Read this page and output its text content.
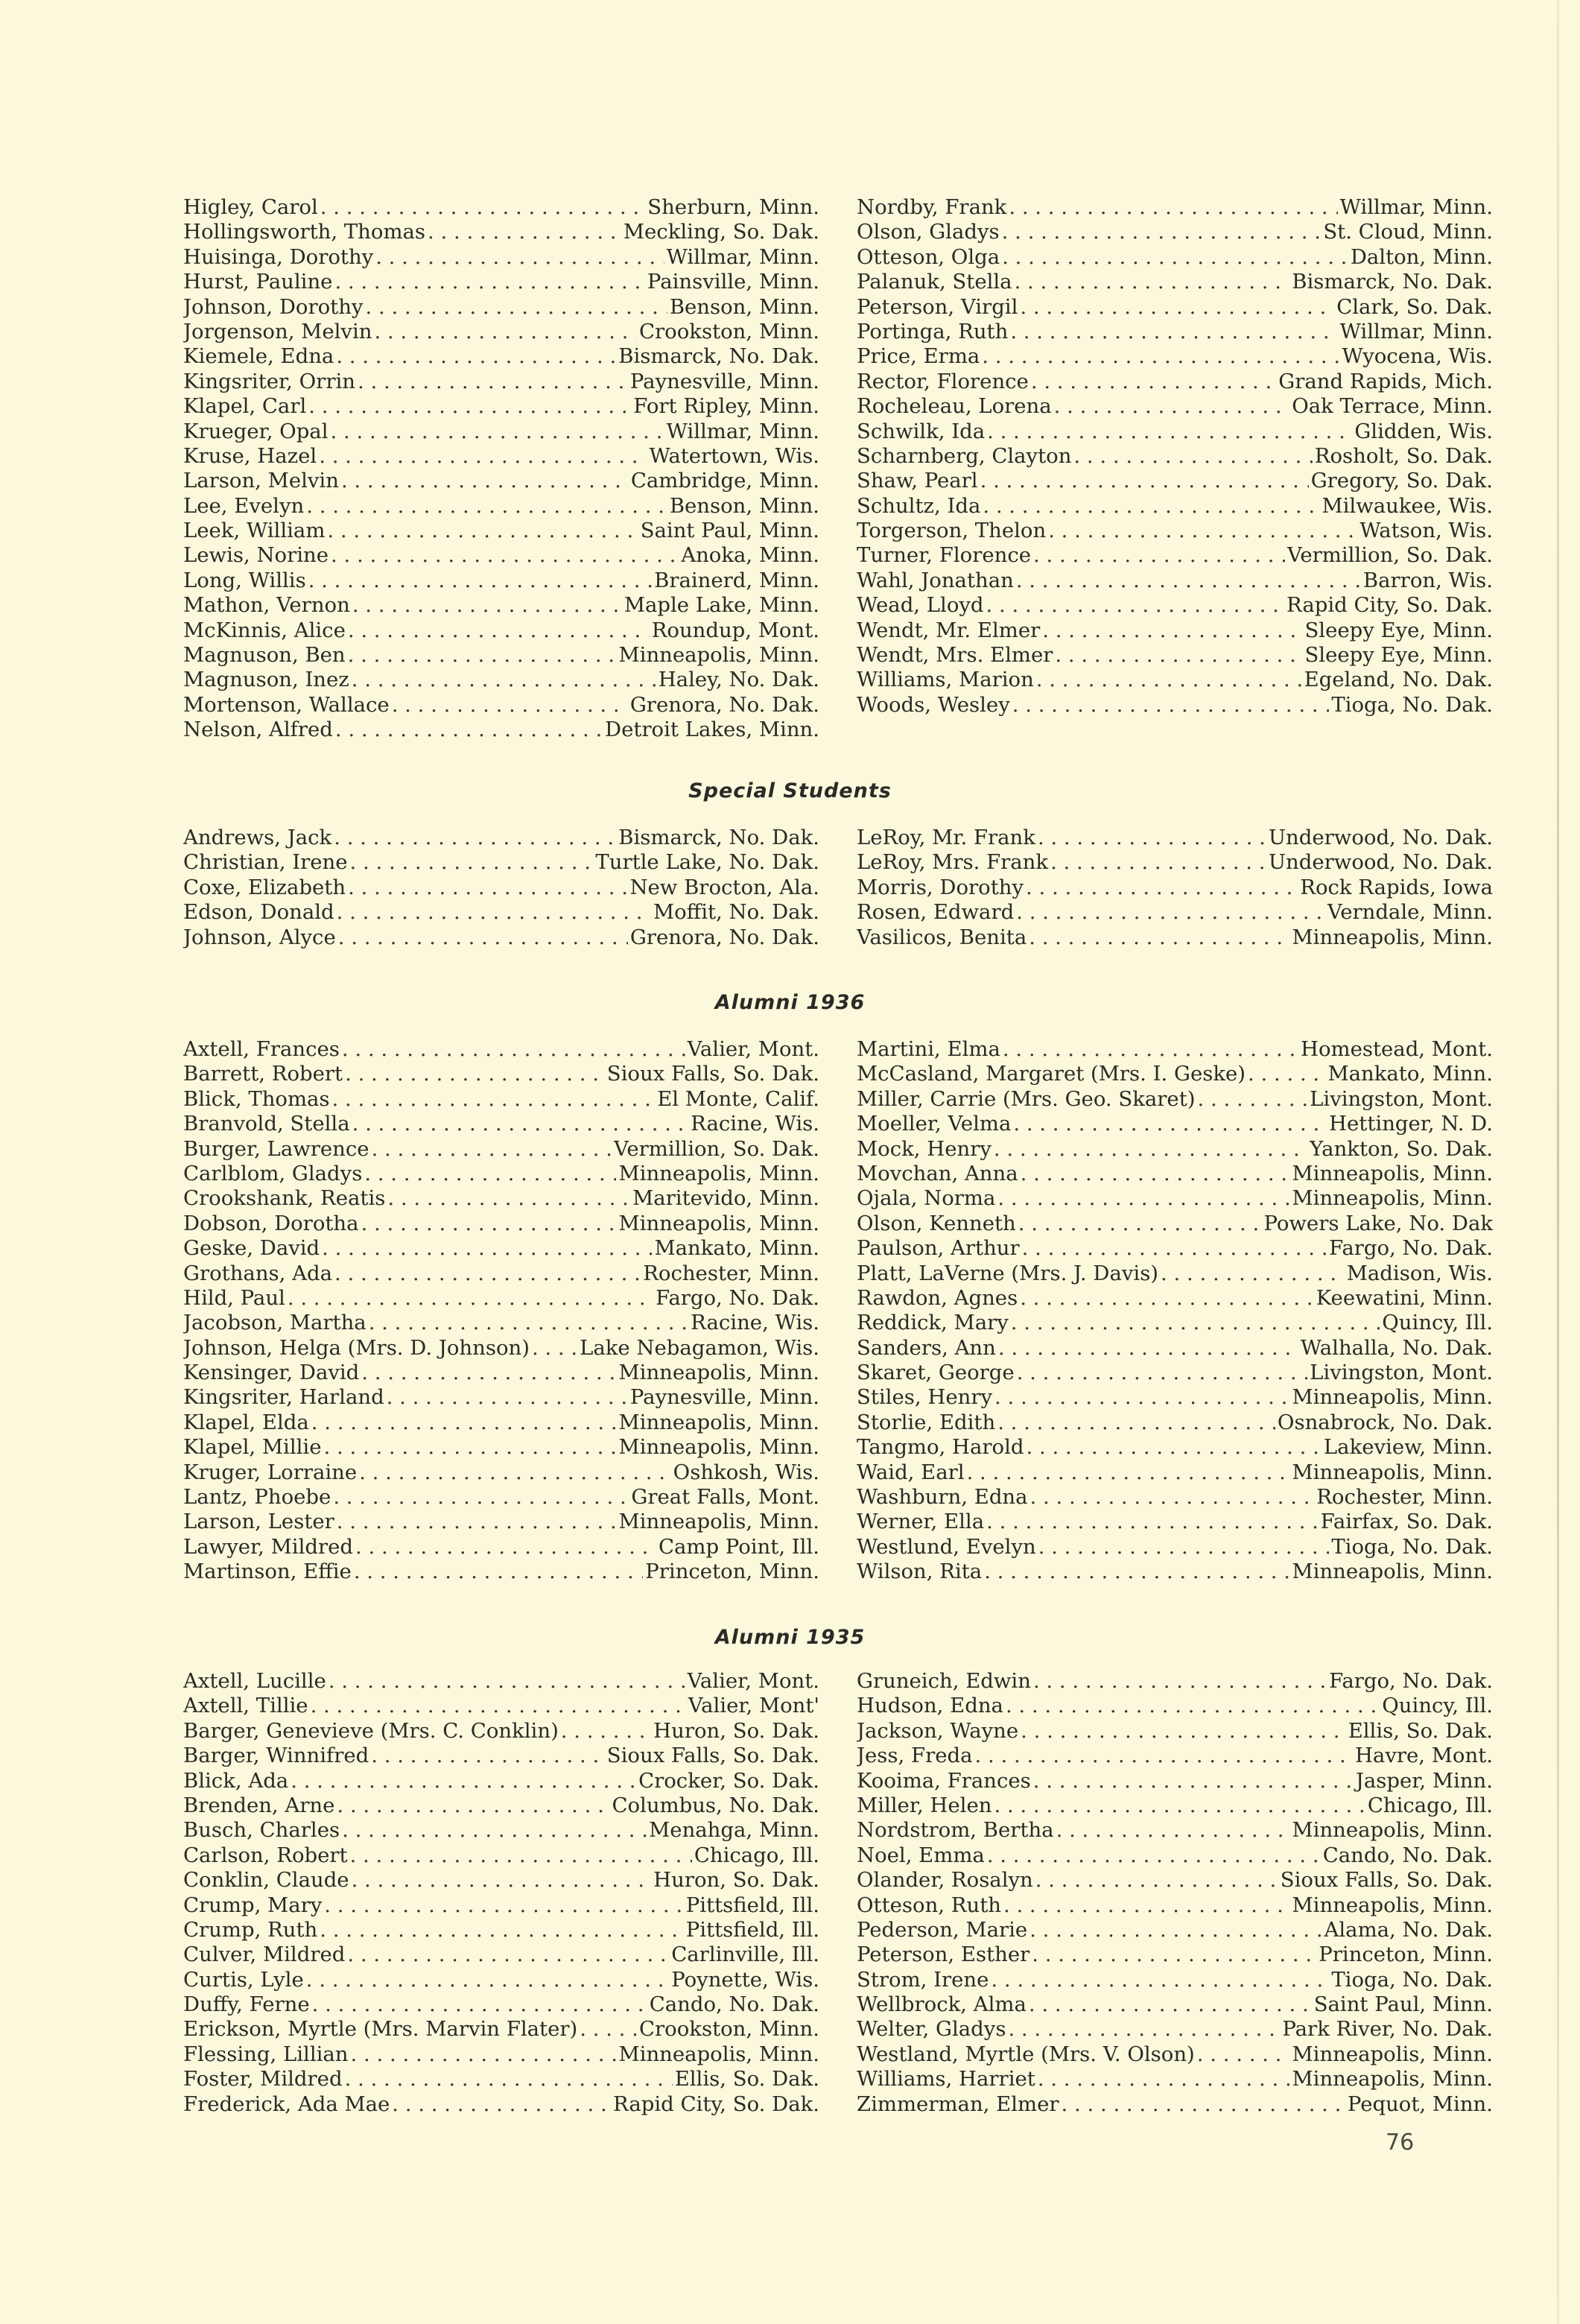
Higley, Carol . . .	Sherburn, Minn.
Hollingsworth, Thomas . . .	Meckling, So. Dak.
Huisinga, Dorothy . . .	Willmar, Minn.
Hurst, Pauline . . .	Painsville, Minn.
Johnson, Dorothy . . .	Benson, Minn.
Jorgenson, Melvin . . .	Crookston, Minn.
Kiemele, Edna . . .	Bismarck, No. Dak.
Kingsriter, Orrin . . .	Paynesville, Minn.
Klapel, Carl . . .	Fort Ripley, Minn.
Krueger, Opal . . .	Willmar, Minn.
Kruse, Hazel . . .	Watertown, Wis.
Larson, Melvin . . .	Cambridge, Minn.
Lee, Evelyn . . .	Benson, Minn.
Leek, William . . .	Saint Paul, Minn.
Lewis, Norine . . .	Anoka, Minn.
Long, Willis . . .	Brainerd, Minn.
Mathon, Vernon . . .	Maple Lake, Minn.
McKinnis, Alice . . .	Roundup, Mont.
Magnuson, Ben . . .	Minneapolis, Minn.
Magnuson, Inez . . .	Haley, No. Dak.
Mortenson, Wallace . . .	Grenora, No. Dak.
Nelson, Alfred . . .	Detroit Lakes, Minn.
Nordby, Frank . . .	Willmar, Minn.
Olson, Gladys . . .	St. Cloud, Minn.
Otteson, Olga . . .	Dalton, Minn.
Palanuk, Stella . . .	Bismarck, No. Dak.
Peterson, Virgil . . .	Clark, So. Dak.
Portinga, Ruth . . .	Willmar, Minn.
Price, Erma . . .	Wyocena, Wis.
Rector, Florence . . .	Grand Rapids, Mich.
Rocheleau, Lorena . . .	Oak Terrace, Minn.
Schwilk, Ida . . .	Glidden, Wis.
Scharnberg, Clayton . . .	Rosholt, So. Dak.
Shaw, Pearl . . .	Gregory, So. Dak.
Schultz, Ida . . .	Milwaukee, Wis.
Torgerson, Thelon . . .	Watson, Wis.
Turner, Florence . . .	Vermillion, So. Dak.
Wahl, Jonathan . . .	Barron, Wis.
Wead, Lloyd . . .	Rapid City, So. Dak.
Wendt, Mr. Elmer . . .	Sleepy Eye, Minn.
Wendt, Mrs. Elmer . . .	Sleepy Eye, Minn.
Williams, Marion . . .	Egeland, No. Dak.
Woods, Wesley . . .	Tioga, No. Dak.
Special Students
Andrews, Jack . . .	Bismarck, No. Dak.
Christian, Irene . . .	Turtle Lake, No. Dak.
Coxe, Elizabeth . . .	New Brocton, Ala.
Edson, Donald . . .	Moffit, No. Dak.
Johnson, Alyce . . .	Grenora, No. Dak.
LeRoy, Mr. Frank . . .	Underwood, No. Dak.
LeRoy, Mrs. Frank . . .	Underwood, No. Dak.
Morris, Dorothy . . .	Rock Rapids, Iowa
Rosen, Edward . . .	Verndale, Minn.
Vasilicos, Benita . . .	Minneapolis, Minn.
Alumni 1936
Axtell, Frances . . .	Valier, Mont.
Barrett, Robert . . .	Sioux Falls, So. Dak.
Blick, Thomas . . .	El Monte, Calif.
Branvold, Stella . . .	Racine, Wis.
Burger, Lawrence . . .	Vermillion, So. Dak.
Carlblom, Gladys . . .	Minneapolis, Minn.
Crookshank, Reatis . . .	Maritevido, Minn.
Dobson, Dorotha . . .	Minneapolis, Minn.
Geske, David . . .	Mankato, Minn.
Grothans, Ada . . .	Rochester, Minn.
Hild, Paul . . .	Fargo, No. Dak.
Jacobson, Martha . . .	Racine, Wis.
Johnson, Helga (Mrs. D. Johnson) . . . Lake Nebagamon, Wis.
Kensinger, David . . .	Minneapolis, Minn.
Kingsriter, Harland . . .	Paynesville, Minn.
Klapel, Elda . . .	Minneapolis, Minn.
Klapel, Millie . . .	Minneapolis, Minn.
Kruger, Lorraine . . .	Oshkosh, Wis.
Lantz, Phoebe . . .	Great Falls, Mont.
Larson, Lester . . .	Minneapolis, Minn.
Lawyer, Mildred . . .	Camp Point, Ill.
Martinson, Effie . . .	Princeton, Minn.
Martini, Elma . . .	Homestead, Mont.
McCasland, Margaret (Mrs. I. Geske) . . .	Mankato, Minn.
Miller, Carrie (Mrs. Geo. Skaret) . . .	Livingston, Mont.
Moeller, Velma . . .	Hettinger, N. D.
Mock, Henry . . .	Yankton, So. Dak.
Movchan, Anna . . .	Minneapolis, Minn.
Ojala, Norma . . .	Minneapolis, Minn.
Olson, Kenneth . . .	Powers Lake, No. Dak
Paulson, Arthur . . .	Fargo, No. Dak.
Platt, LaVerne (Mrs. J. Davis) . . .	Madison, Wis.
Rawdon, Agnes . . .	Keewatini, Minn.
Reddick, Mary . . .	Quincy, Ill.
Sanders, Ann . . .	Walhalla, No. Dak.
Skaret, George . . .	Livingston, Mont.
Stiles, Henry . . .	Minneapolis, Minn.
Storlie, Edith . . .	Osnabrock, No. Dak.
Tangmo, Harold . . .	Lakeview, Minn.
Waid, Earl . . .	Minneapolis, Minn.
Washburn, Edna . . .	Rochester, Minn.
Werner, Ella . . .	Fairfax, So. Dak.
Westlund, Evelyn . . .	Tioga, No. Dak.
Wilson, Rita . . .	Minneapolis, Minn.
Alumni 1935
Axtell, Lucille . . .	Valier, Mont.
Axtell, Tillie . . .	Valier, Mont'
Barger, Genevieve (Mrs. C. Conklin) . . .	Huron, So. Dak.
Barger, Winnifred . . .	Sioux Falls, So. Dak.
Blick, Ada . . .	Crocker, So. Dak.
Brenden, Arne . . .	Columbus, No. Dak.
Busch, Charles . . .	Menahga, Minn.
Carlson, Robert . . .	Chicago, Ill.
Conklin, Claude . . .	Huron, So. Dak.
Crump, Mary . . .	Pittsfield, Ill.
Crump, Ruth . . .	Pittsfield, Ill.
Culver, Mildred . . .	Carlinville, Ill.
Curtis, Lyle . . .	Poynette, Wis.
Duffy, Ferne . . .	Cando, No. Dak.
Erickson, Myrtle (Mrs. Marvin Flater) . . .	Crookston, Minn.
Flessing, Lillian . . .	Minneapolis, Minn.
Foster, Mildred . . .	Ellis, So. Dak.
Frederick, Ada Mae . . .	Rapid City, So. Dak.
Gruneich, Edwin . . .	Fargo, No. Dak.
Hudson, Edna . . .	Quincy, Ill.
Jackson, Wayne . . .	Ellis, So. Dak.
Jess, Freda . . .	Havre, Mont.
Kooima, Frances . . .	Jasper, Minn.
Miller, Helen . . .	Chicago, Ill.
Nordstrom, Bertha . . .	Minneapolis, Minn.
Noel, Emma . . .	Cando, No. Dak.
Olander, Rosalyn . . .	Sioux Falls, So. Dak.
Otteson, Ruth . . .	Minneapolis, Minn.
Pederson, Marie . . .	Alama, No. Dak.
Peterson, Esther . . .	Princeton, Minn.
Strom, Irene . . .	Tioga, No. Dak.
Wellbrock, Alma . . .	Saint Paul, Minn.
Welter, Gladys . . .	Park River, No. Dak.
Westland, Myrtle (Mrs. V. Olson) . . .	Minneapolis, Minn.
Williams, Harriet . . .	Minneapolis, Minn.
Zimmerman, Elmer . . .	Pequot, Minn.
76
